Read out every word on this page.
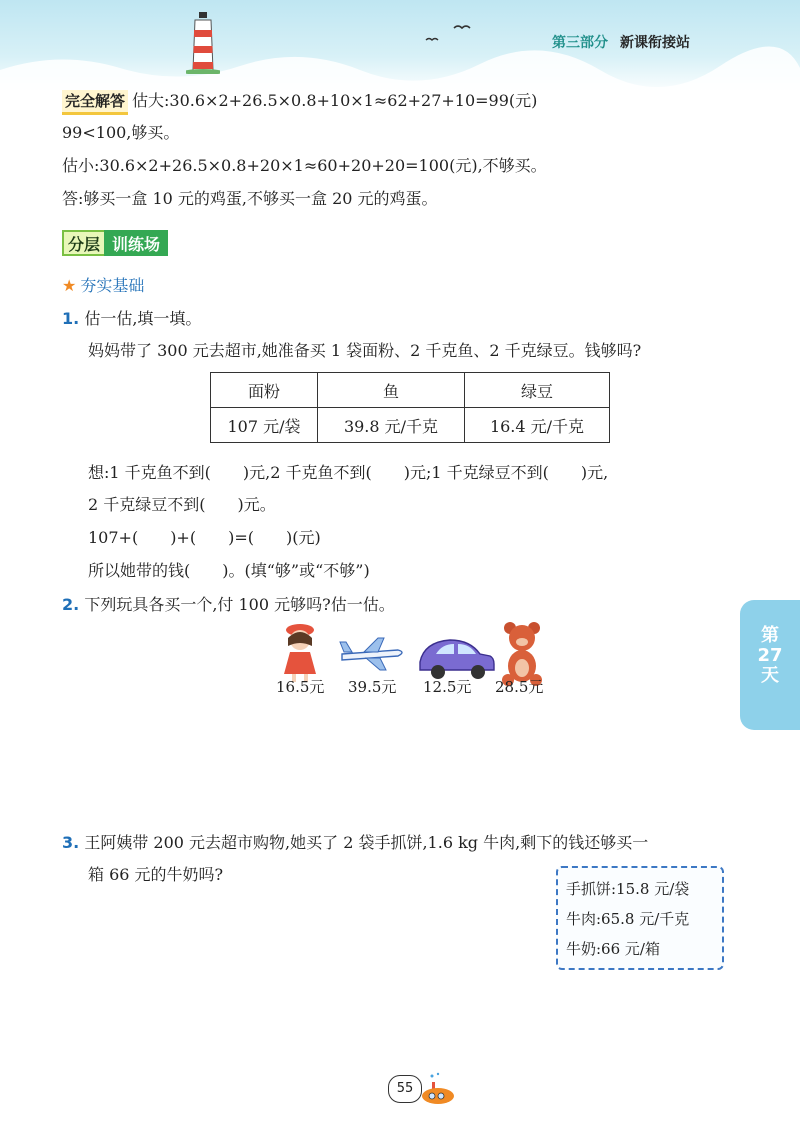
第三部分 新课衔接站
完全解答 估大:30.6×2+26.5×0.8+10×1≈62+27+10=99(元)
99<100,够买。
估小:30.6×2+26.5×0.8+20×1≈60+20+20=100(元),不够买。
答:够买一盒 10 元的鸡蛋,不够买一盒 20 元的鸡蛋。
分层 训练场
★ 夯实基础
1. 估一估,填一填。
妈妈带了 300 元去超市,她准备买 1 袋面粉、2 千克鱼、2 千克绿豆。钱够吗?
面粉	鱼	绿豆
107 元/袋	39.8 元/千克	16.4 元/千克
想:1 千克鱼不到(　　)元,2 千克鱼不到(　　)元;1 千克绿豆不到(　　)元,
2 千克绿豆不到(　　)元。
107+(　　)+(　　)=(　　)(元)
所以她带的钱(　　)。(填“够”或“不够”)
2. 下列玩具各买一个,付 100 元够吗?估一估。
16.5元 39.5元 12.5元 28.5元
3. 王阿姨带 200 元去超市购物,她买了 2 袋手抓饼,1.6 kg 牛肉,剩下的钱还够买一
箱 66 元的牛奶吗?
手抓饼:15.8 元/袋
牛肉:65.8 元/千克
牛奶:66 元/箱
第
27
天
55
